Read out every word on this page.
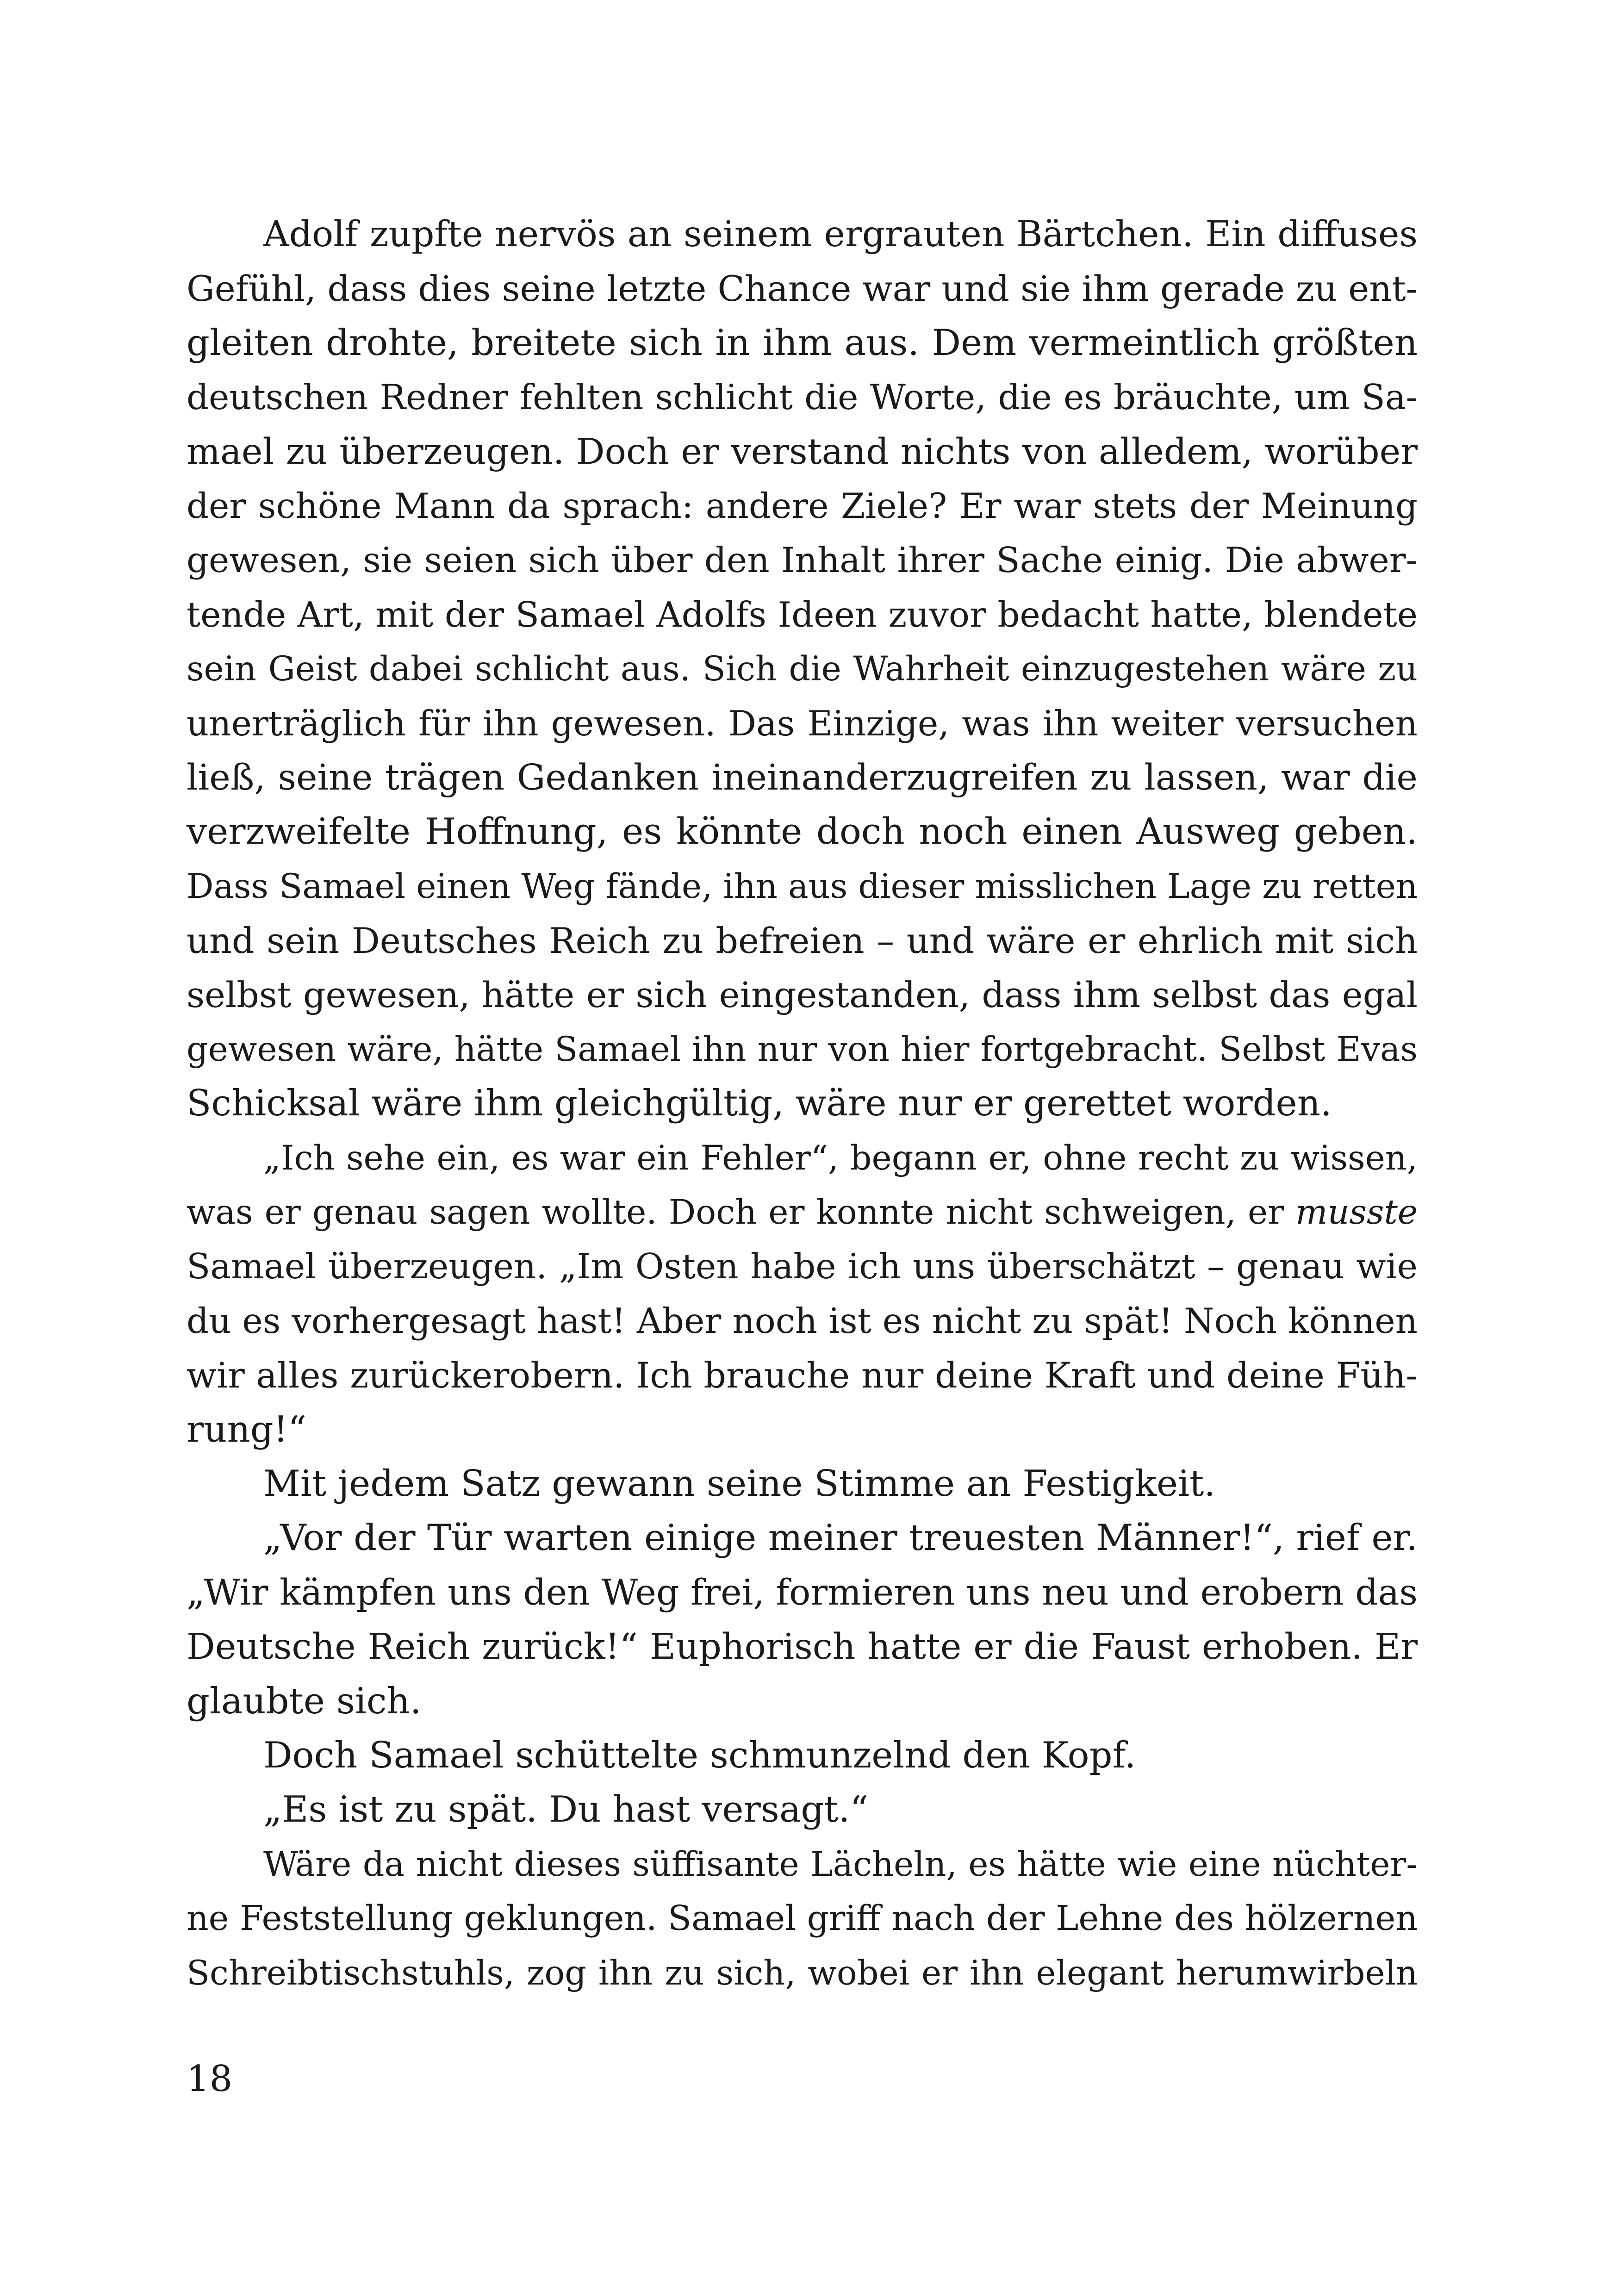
Adolf zupfte nervös an seinem ergrauten Bärtchen. Ein diffuses
Gefühl, dass dies seine letzte Chance war und sie ihm gerade zu ent-
gleiten drohte, breitete sich in ihm aus. Dem vermeintlich größten
deutschen Redner fehlten schlicht die Worte, die es bräuchte, um Sa-
mael zu überzeugen. Doch er verstand nichts von alledem, worüber
der schöne Mann da sprach: andere Ziele? Er war stets der Meinung
gewesen, sie seien sich über den Inhalt ihrer Sache einig. Die abwer-
tende Art, mit der Samael Adolfs Ideen zuvor bedacht hatte, blendete
sein Geist dabei schlicht aus. Sich die Wahrheit einzugestehen wäre zu
unerträglich für ihn gewesen. Das Einzige, was ihn weiter versuchen
ließ, seine trägen Gedanken ineinanderzugreifen zu lassen, war die
verzweifelte Hoffnung, es könnte doch noch einen Ausweg geben.
Dass Samael einen Weg fände, ihn aus dieser misslichen Lage zu retten
und sein Deutsches Reich zu befreien – und wäre er ehrlich mit sich
selbst gewesen, hätte er sich eingestanden, dass ihm selbst das egal
gewesen wäre, hätte Samael ihn nur von hier fortgebracht. Selbst Evas
Schicksal wäre ihm gleichgültig, wäre nur er gerettet worden.
„Ich sehe ein, es war ein Fehler“, begann er, ohne recht zu wissen,
was er genau sagen wollte. Doch er konnte nicht schweigen, er musste
Samael überzeugen. „Im Osten habe ich uns überschätzt – genau wie
du es vorhergesagt hast! Aber noch ist es nicht zu spät! Noch können
wir alles zurückerobern. Ich brauche nur deine Kraft und deine Füh-
rung!“
Mit jedem Satz gewann seine Stimme an Festigkeit.
„Vor der Tür warten einige meiner treuesten Männer!“, rief er.
„Wir kämpfen uns den Weg frei, formieren uns neu und erobern das
Deutsche Reich zurück!“ Euphorisch hatte er die Faust erhoben. Er
glaubte sich.
Doch Samael schüttelte schmunzelnd den Kopf.
„Es ist zu spät. Du hast versagt.“
Wäre da nicht dieses süffisante Lächeln, es hätte wie eine nüchter-
ne Feststellung geklungen. Samael griff nach der Lehne des hölzernen
Schreibtischstuhls, zog ihn zu sich, wobei er ihn elegant herumwirbeln
18
